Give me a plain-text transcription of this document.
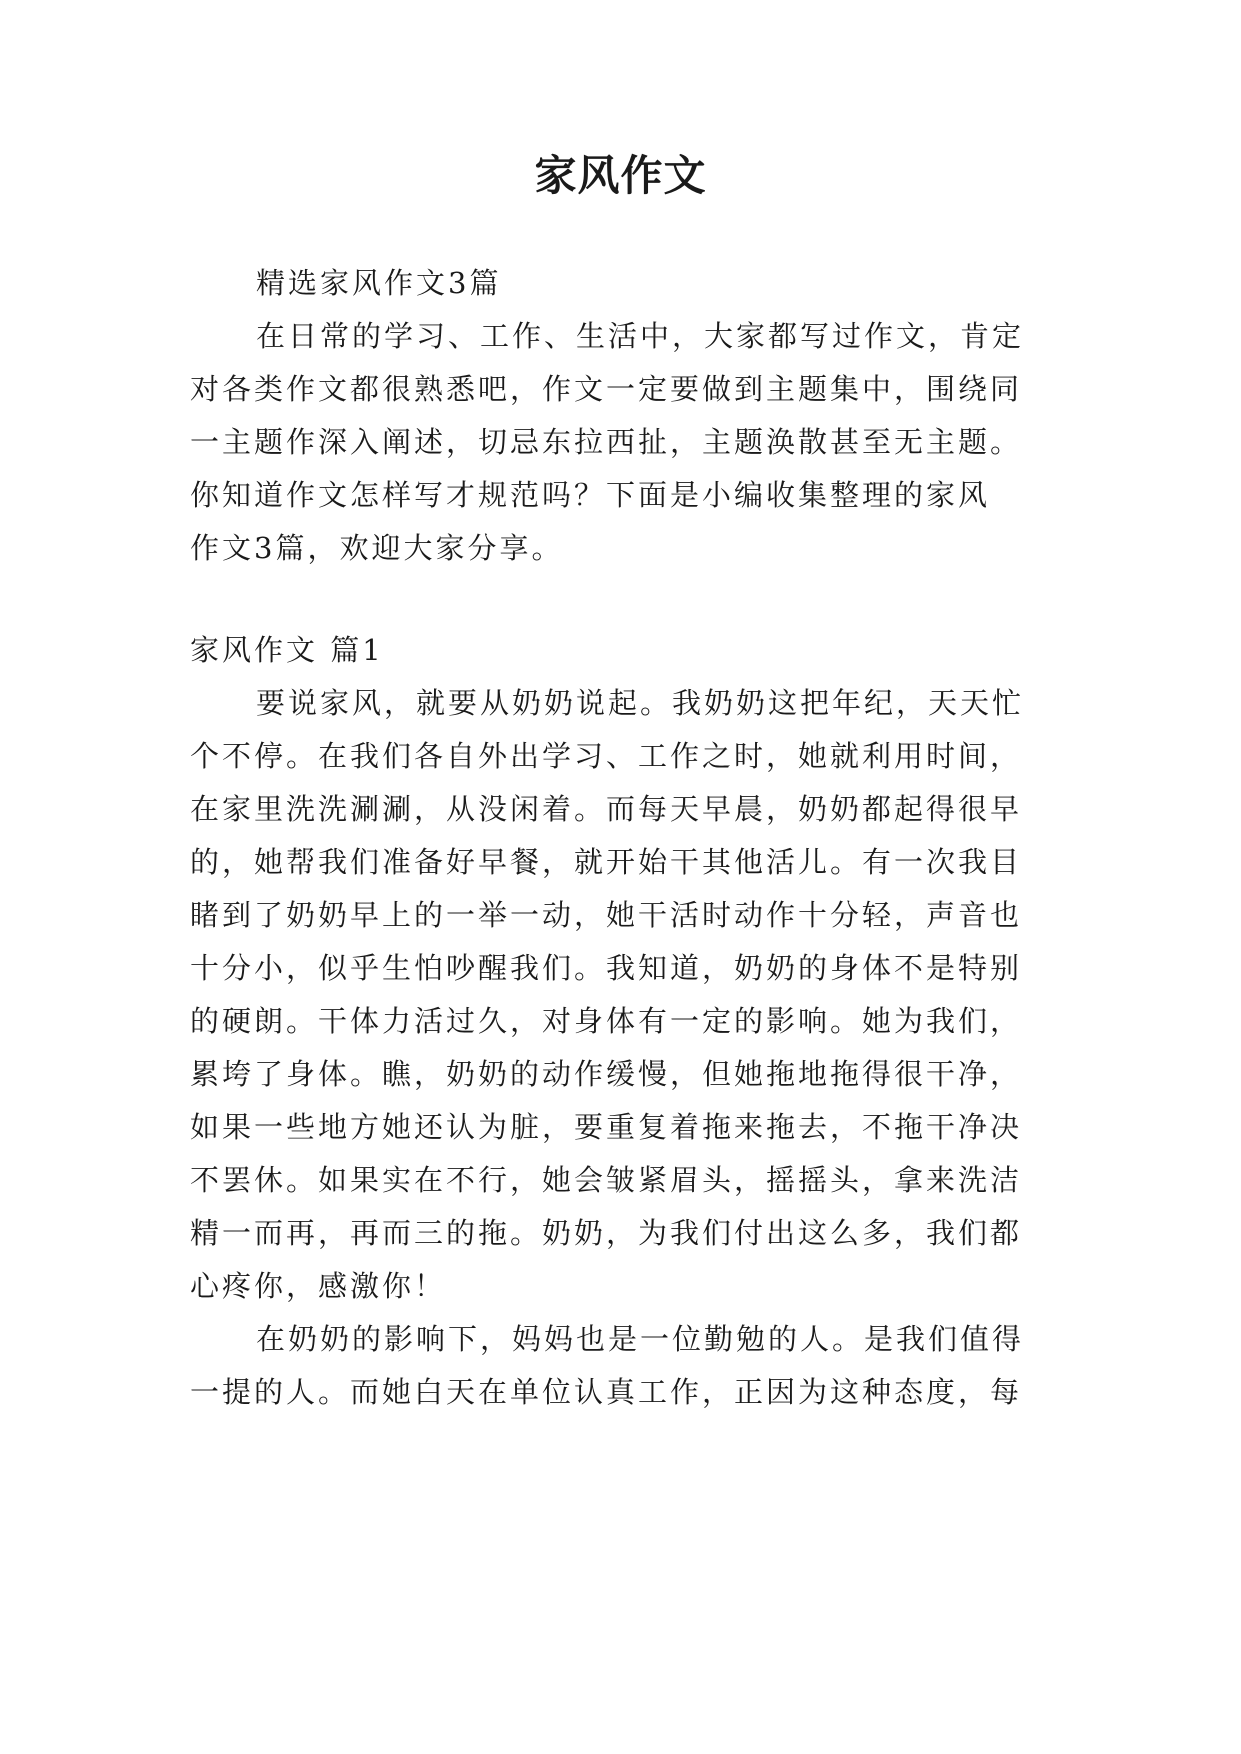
家风作文
精选家风作文3篇
在日常的学习、工作、生活中，大家都写过作文，肯定
对各类作文都很熟悉吧，作文一定要做到主题集中，围绕同
一主题作深入阐述，切忌东拉西扯，主题涣散甚至无主题。
你知道作文怎样写才规范吗？下面是小编收集整理的家风
作文3篇，欢迎大家分享。
家风作文 篇1
要说家风，就要从奶奶说起。我奶奶这把年纪，天天忙
个不停。在我们各自外出学习、工作之时，她就利用时间，
在家里洗洗涮涮，从没闲着。而每天早晨，奶奶都起得很早
的，她帮我们准备好早餐，就开始干其他活儿。有一次我目
睹到了奶奶早上的一举一动，她干活时动作十分轻，声音也
十分小，似乎生怕吵醒我们。我知道，奶奶的身体不是特别
的硬朗。干体力活过久，对身体有一定的影响。她为我们，
累垮了身体。瞧，奶奶的动作缓慢，但她拖地拖得很干净，
如果一些地方她还认为脏，要重复着拖来拖去，不拖干净决
不罢休。如果实在不行，她会皱紧眉头，摇摇头，拿来洗洁
精一而再，再而三的拖。奶奶，为我们付出这么多，我们都
心疼你，感激你！
在奶奶的影响下，妈妈也是一位勤勉的人。是我们值得
一提的人。而她白天在单位认真工作，正因为这种态度，每
